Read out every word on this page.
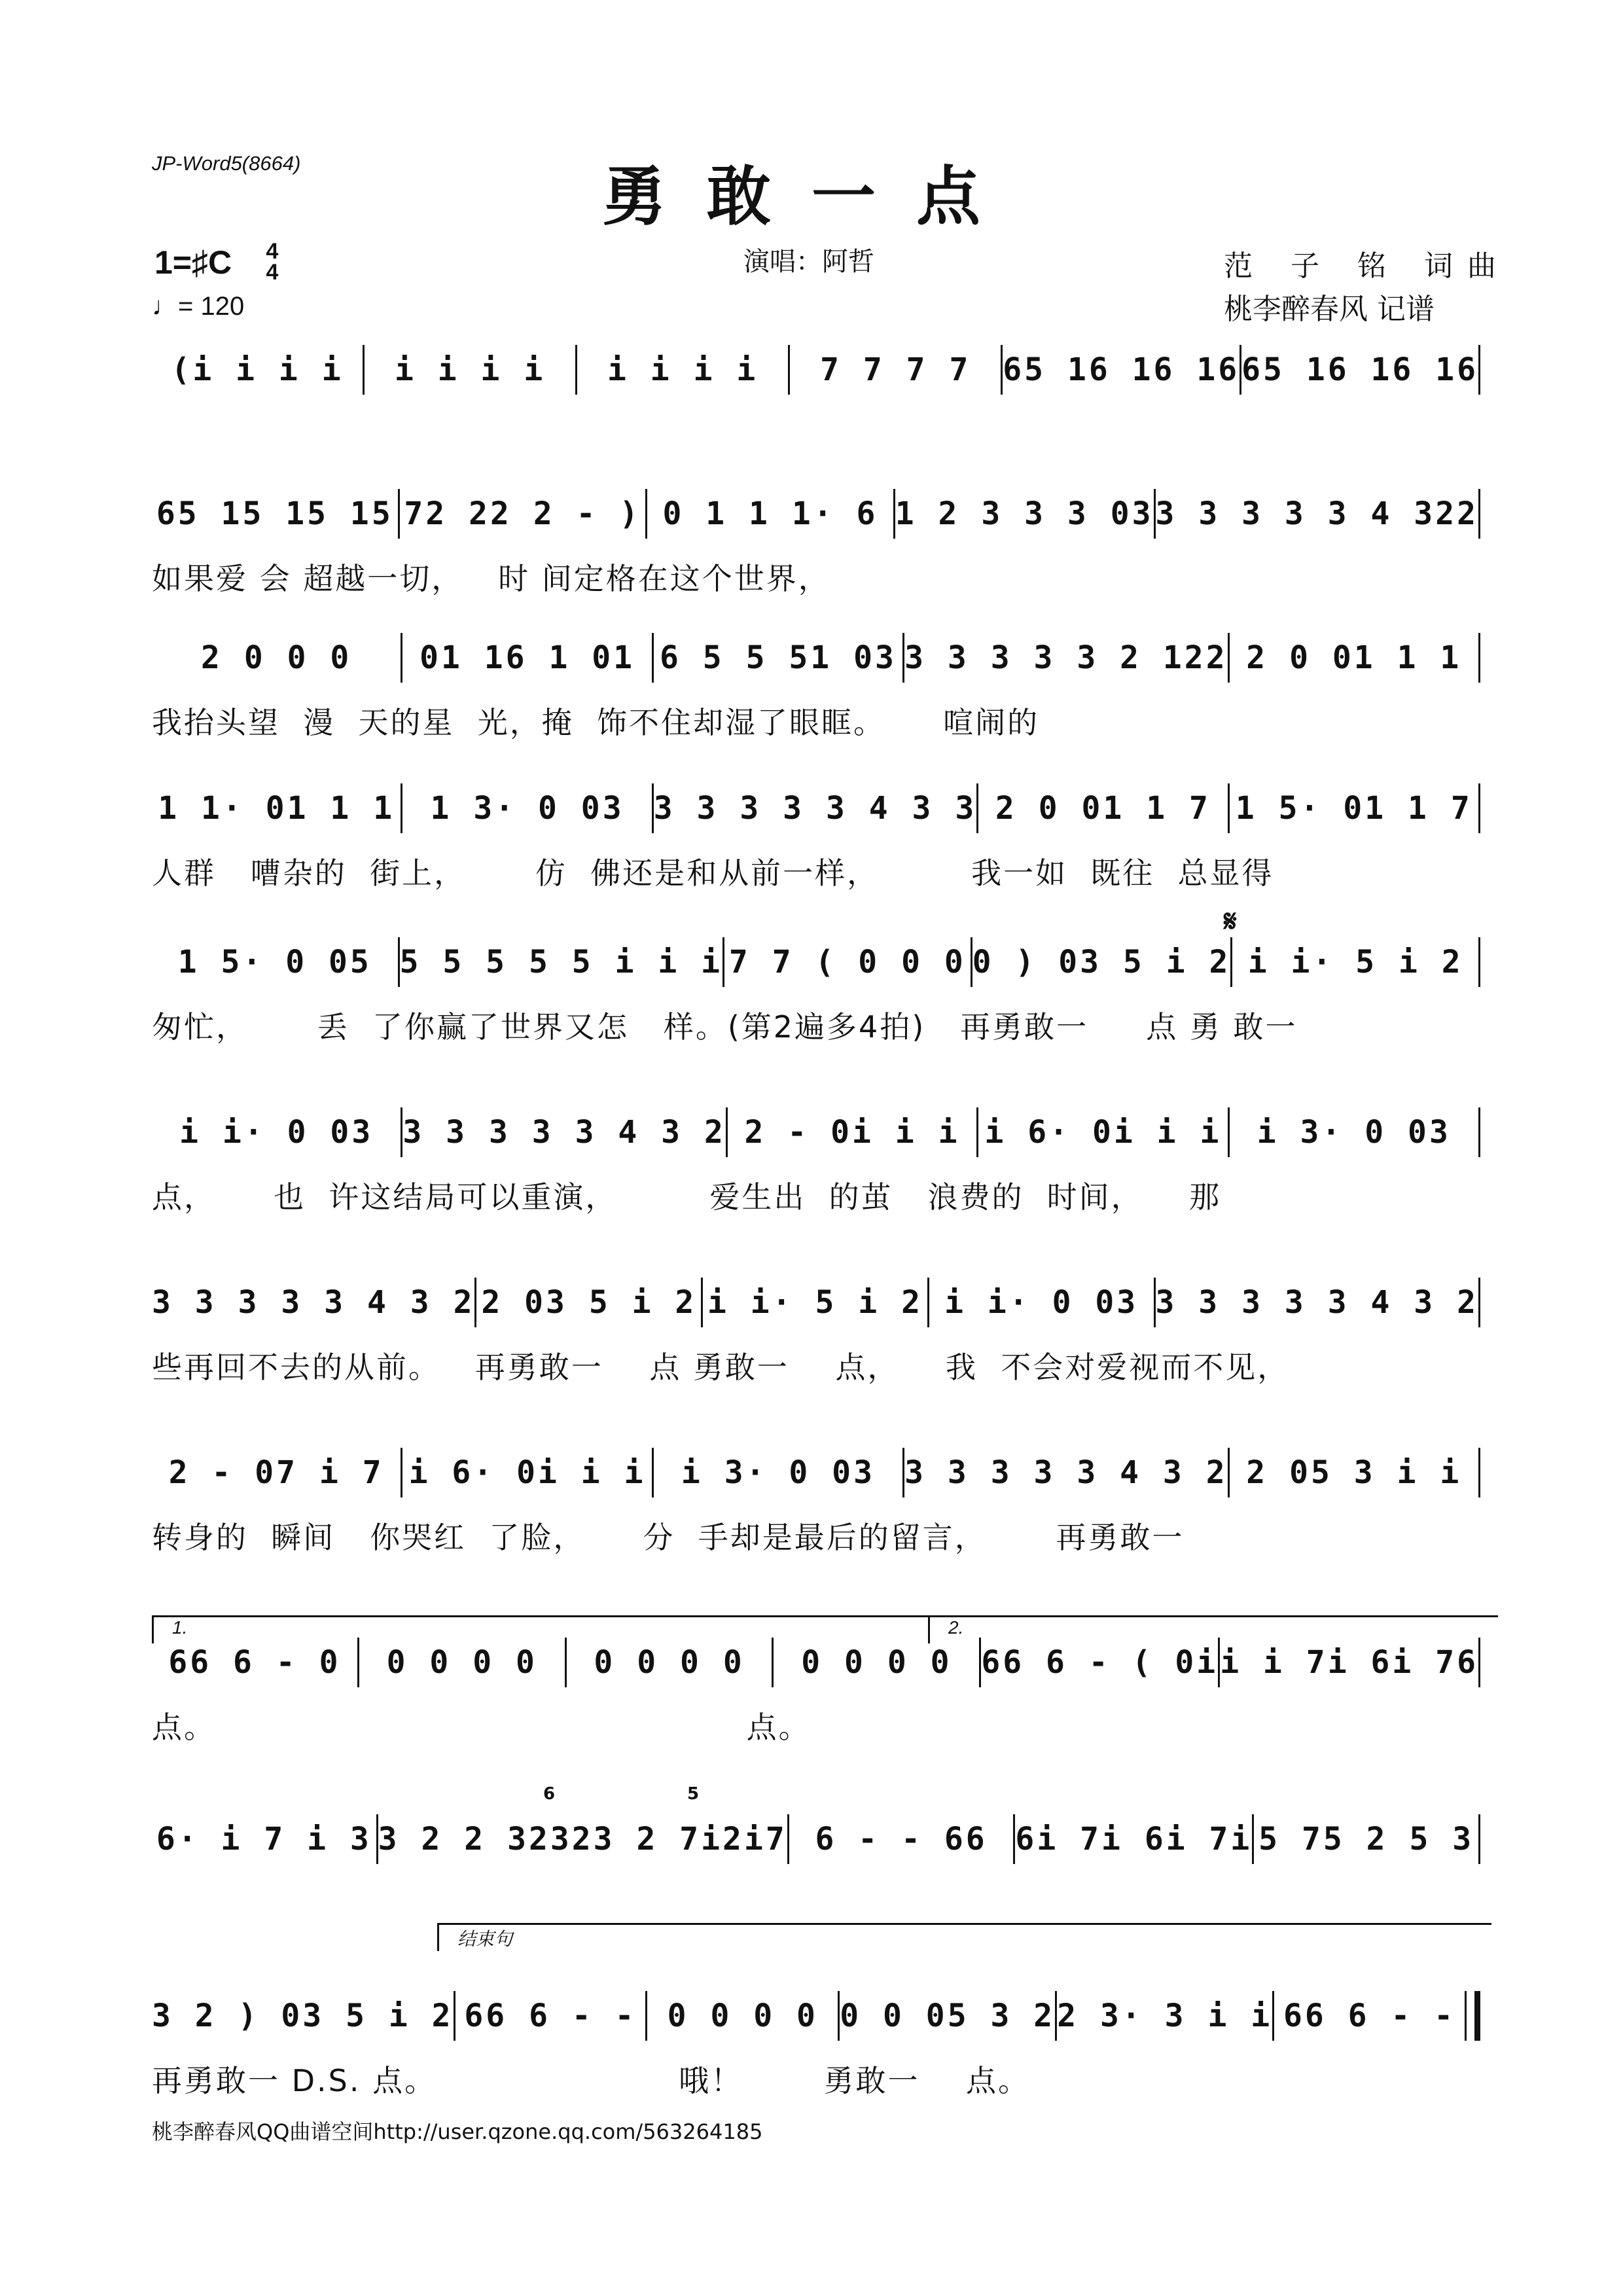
JP-Word5(8664)	勇敢一点
1=♯C	4
4
♩= 120
演唱：阿哲	范 子 铭 词曲
桃李醉春风 记谱
(i i i i	i i i i	i i i i	7 7 7 7	65 16 16 16 65 16 16 16
65 15 15 15 72 22 2 - ) 0 1 1 1· 6 1 2 3 3 3 03 3 3 3 3 3 4 322
如果爱 会 超越一切，   时 间定格在这个世界，
2 0 0 0	01 16 1 01 6 5 5 51 03 3 3 3 3 3 2 122 2 0 01 1 1
我抬头望  漫  天的星  光，掩  饰不住却湿了眼眶。     喧闹的
1 1· 01 1 1	1 3· 0 03 3 3 3 3 3 4 3 3 2 0 01 1 7 1 5· 01 1 7
人群   嘈杂的  街上，      仿  佛还是和从前一样，        我一如  既往  总显得
1 5· 0 05 5 5 5 5 5 i i i 7 7 ( 0 0 0 0 ) 03 5 i 2 i i· 5 i 2
匆忙，      丢  了你赢了世界又怎   样。(第2遍多4拍)   再勇敢一     点 勇 敢一
i i· 0 03 3 3 3 3 3 4 3 2 2 - 0i i i i 6· 0i i i	i 3· 0 03
点，     也  许这结局可以重演，        爱生出  的茧   浪费的  时间，    那
3 3 3 3 3 4 3 2 2 03 5 i 2 i i· 5 i 2 i i· 0 03 3 3 3 3 3 4 3 2
些再回不去的从前。   再勇敢一    点 勇敢一    点，    我  不会对爱视而不见，
2 - 07 i 7 i 6· 0i i i	i 3· 0 03 3 3 3 3 3 4 3 2 2 05 3 i i
转身的  瞬间   你哭红  了脸，     分  手却是最后的留言，      再勇敢一
66 6 - 0	0 0 0 0	0 0 0 0	0 0 0 0 66 6 - ( 0i i i 7i 6i 76
点。                                              点。
6· i 7 i 3 3 2 2 32323 2 7i2i7 6 - - 66 6i 7i 6i 7i 5 75 2 5 3
3 2 ) 03 5 i 2 66 6 - - 0 0 0 0 0 0 05 3 2 2 3· 3 i i 66 6 - -
再勇敢一 D.S. 点。                     哦！       勇敢一    点。
𝄋
6	5
1.	2.
结束句
桃李醉春风QQ曲谱空间http://user.qzone.qq.com/563264185
